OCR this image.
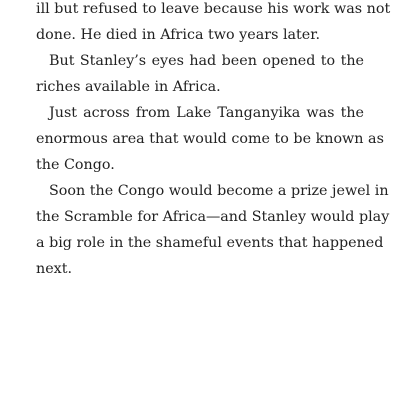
ill but refused to leave because his work was not

done. He died in Africa two years later.

But Stanley’s eyes had been opened to the

riches available in Africa.

Just across from Lake Tanganyika was the

enormous area that would come to be known as

the Congo.

Soon the Congo would become a prize jewel in

the Scramble for Africa—and Stanley would play

a big role in the shameful events that happened

next.
